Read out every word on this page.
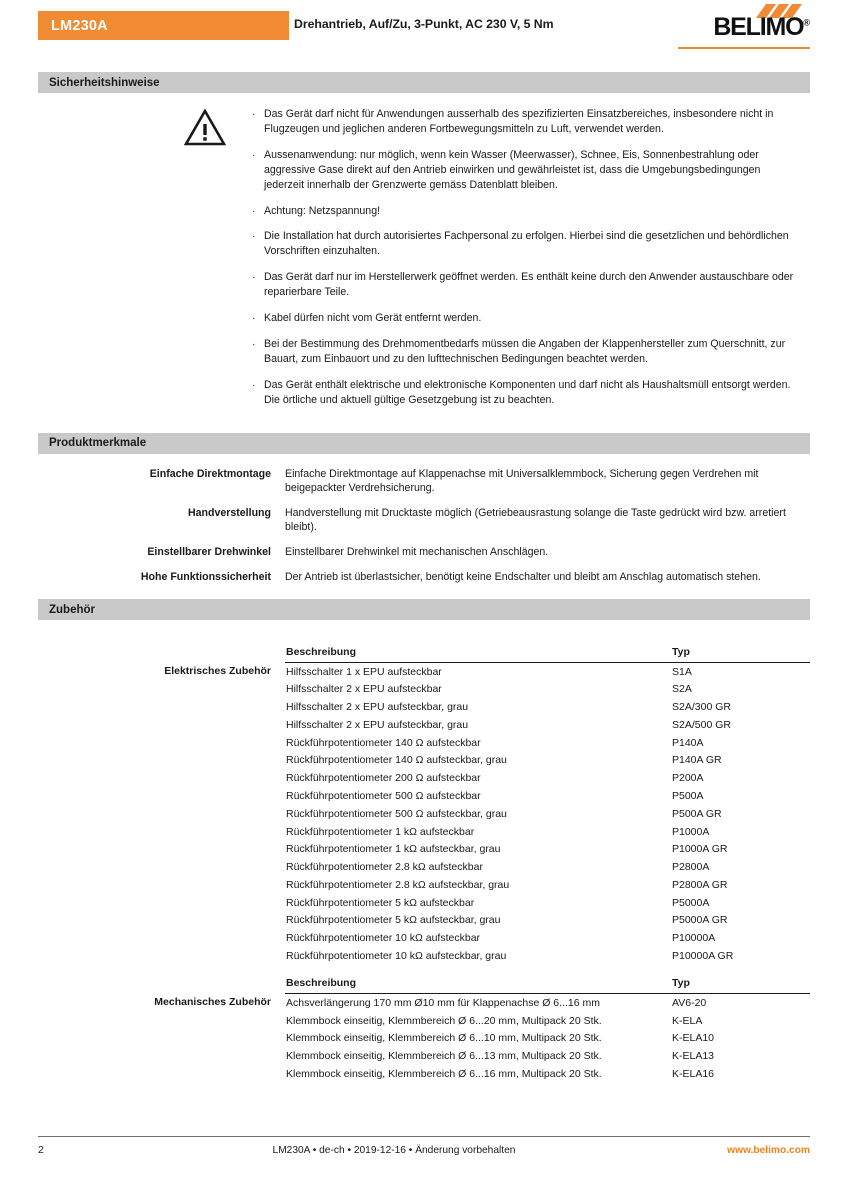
LM230A	Drehantrieb, Auf/Zu, 3-Punkt, AC 230 V, 5 Nm	BELIMO®
Sicherheitshinweise
· Das Gerät darf nicht für Anwendungen ausserhalb des spezifizierten Einsatzbereiches, insbesondere nicht in Flugzeugen und jeglichen anderen Fortbewegungsmitteln zu Luft, verwendet werden.
· Aussenanwendung: nur möglich, wenn kein Wasser (Meerwasser), Schnee, Eis, Sonnenbestrahlung oder aggressive Gase direkt auf den Antrieb einwirken und gewährleistet ist, dass die Umgebungsbedingungen jederzeit innerhalb der Grenzwerte gemäss Datenblatt bleiben.
· Achtung: Netzspannung!
· Die Installation hat durch autorisiertes Fachpersonal zu erfolgen. Hierbei sind die gesetzlichen und behördlichen Vorschriften einzuhalten.
· Das Gerät darf nur im Herstellerwerk geöffnet werden. Es enthält keine durch den Anwender austauschbare oder reparierbare Teile.
· Kabel dürfen nicht vom Gerät entfernt werden.
· Bei der Bestimmung des Drehmomentbedarfs müssen die Angaben der Klappenhersteller zum Querschnitt, zur Bauart, zum Einbauort und zu den lufttechnischen Bedingungen beachtet werden.
· Das Gerät enthält elektrische und elektronische Komponenten und darf nicht als Haushaltsmüll entsorgt werden. Die örtliche und aktuell gültige Gesetzgebung ist zu beachten.
Produktmerkmale
Einfache Direktmontage	Einfache Direktmontage auf Klappenachse mit Universalklemmbock, Sicherung gegen Verdrehen mit beigepackter Verdrehsicherung.
Handverstellung	Handverstellung mit Drucktaste möglich (Getriebeausrastung solange die Taste gedrückt wird bzw. arretiert bleibt).
Einstellbarer Drehwinkel	Einstellbarer Drehwinkel mit mechanischen Anschlägen.
Hohe Funktionssicherheit	Der Antrieb ist überlastsicher, benötigt keine Endschalter und bleibt am Anschlag automatisch stehen.
Zubehör
	Beschreibung	Typ
Elektrisches Zubehör	Hilfsschalter 1 x EPU aufsteckbar	S1A
	Hilfsschalter 2 x EPU aufsteckbar	S2A
	Hilfsschalter 2 x EPU aufsteckbar, grau	S2A/300 GR
	Hilfsschalter 2 x EPU aufsteckbar, grau	S2A/500 GR
	Rückführpotentiometer 140 Ω aufsteckbar	P140A
	Rückführpotentiometer 140 Ω aufsteckbar, grau	P140A GR
	Rückführpotentiometer 200 Ω aufsteckbar	P200A
	Rückführpotentiometer 500 Ω aufsteckbar	P500A
	Rückführpotentiometer 500 Ω aufsteckbar, grau	P500A GR
	Rückführpotentiometer 1 kΩ aufsteckbar	P1000A
	Rückführpotentiometer 1 kΩ aufsteckbar, grau	P1000A GR
	Rückführpotentiometer 2.8 kΩ aufsteckbar	P2800A
	Rückführpotentiometer 2.8 kΩ aufsteckbar, grau	P2800A GR
	Rückführpotentiometer 5 kΩ aufsteckbar	P5000A
	Rückführpotentiometer 5 kΩ aufsteckbar, grau	P5000A GR
	Rückführpotentiometer 10 kΩ aufsteckbar	P10000A
	Rückführpotentiometer 10 kΩ aufsteckbar, grau	P10000A GR
	Beschreibung	Typ
Mechanisches Zubehör	Achsverlängerung 170 mm Ø10 mm für Klappenachse Ø 6...16 mm	AV6-20
	Klemmbock einseitig, Klemmbereich Ø 6...20 mm, Multipack 20 Stk.	K-ELA
	Klemmbock einseitig, Klemmbereich Ø 6...10 mm, Multipack 20 Stk.	K-ELA10
	Klemmbock einseitig, Klemmbereich Ø 6...13 mm, Multipack 20 Stk.	K-ELA13
	Klemmbock einseitig, Klemmbereich Ø 6...16 mm, Multipack 20 Stk.	K-ELA16
2	LM230A • de-ch • 2019-12-16 • Änderung vorbehalten	www.belimo.com
